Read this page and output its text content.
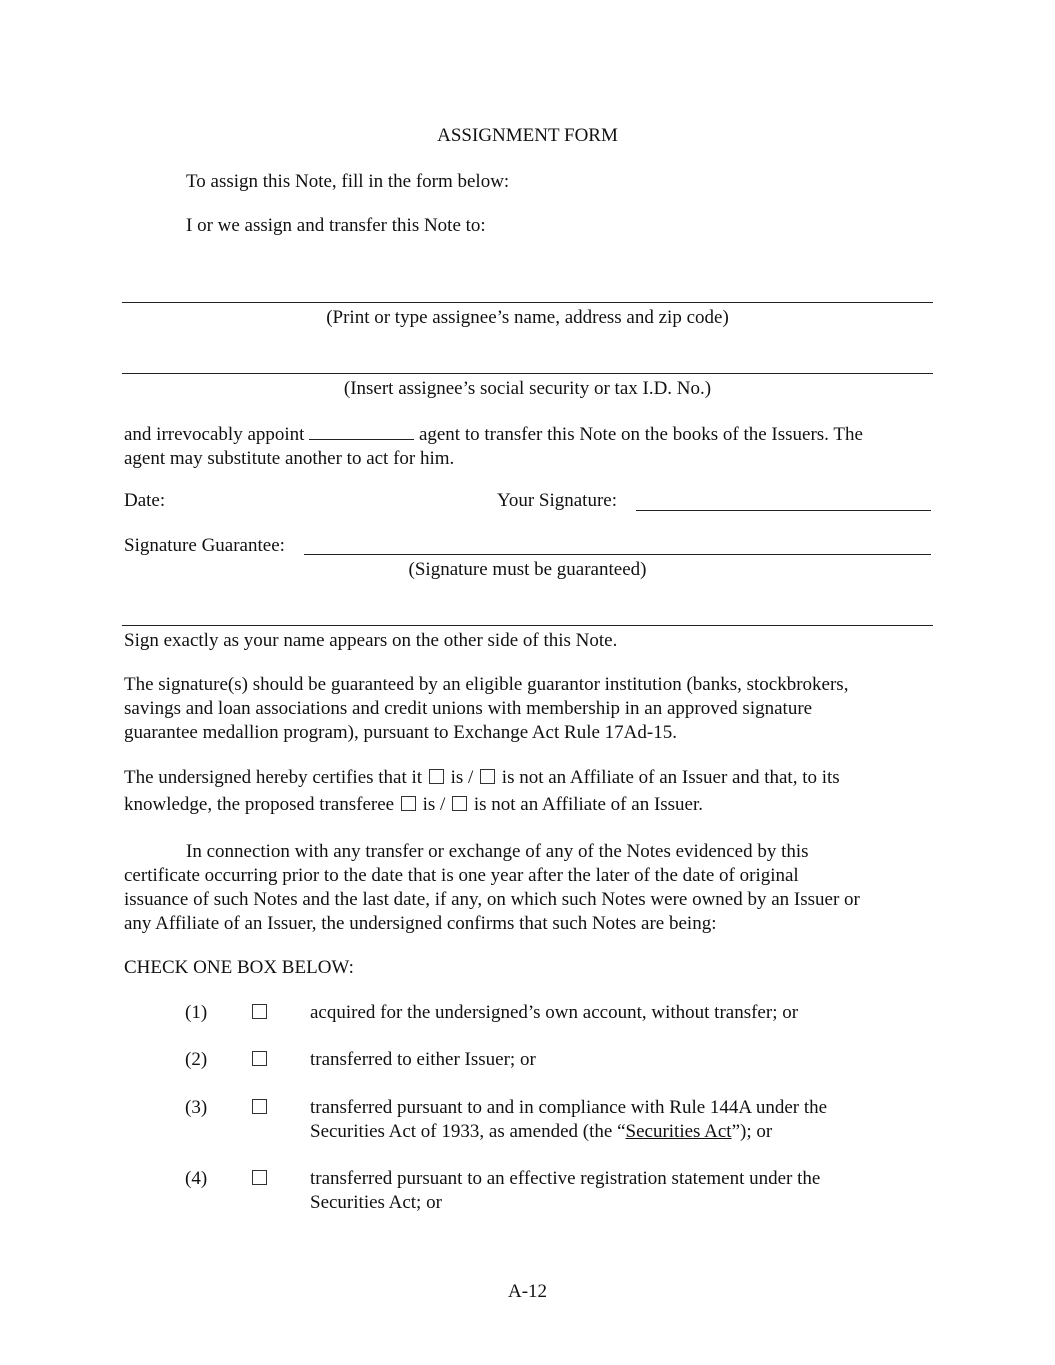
ASSIGNMENT FORM
To assign this Note, fill in the form below:
I or we assign and transfer this Note to:
(Print or type assignee’s name, address and zip code)
(Insert assignee’s social security or tax I.D. No.)
and irrevocably appoint	agent to transfer this Note on the books of the Issuers. The
agent may substitute another to act for him.
Date:	Your Signature:
Signature Guarantee:
(Signature must be guaranteed)
Sign exactly as your name appears on the other side of this Note.
The signature(s) should be guaranteed by an eligible guarantor institution (banks, stockbrokers,
savings and loan associations and credit unions with membership in an approved signature
guarantee medallion program), pursuant to Exchange Act Rule 17Ad-15.
The undersigned hereby certifies that it is / is not an Affiliate of an Issuer and that, to its
knowledge, the proposed transferee is / is not an Affiliate of an Issuer.
In connection with any transfer or exchange of any of the Notes evidenced by this
certificate occurring prior to the date that is one year after the later of the date of original
issuance of such Notes and the last date, if any, on which such Notes were owned by an Issuer or
any Affiliate of an Issuer, the undersigned confirms that such Notes are being:
CHECK ONE BOX BELOW:
(1)	acquired for the undersigned’s own account, without transfer; or
(2)	transferred to either Issuer; or
(3)	transferred pursuant to and in compliance with Rule 144A under the
Securities Act of 1933, as amended (the “Securities Act”); or
(4)	transferred pursuant to an effective registration statement under the
Securities Act; or
A-12
